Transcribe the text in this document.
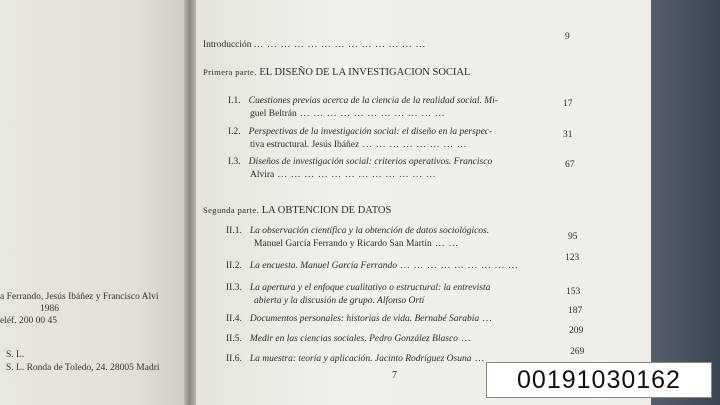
a Ferrando, Jesús Ibáñez y Francisco Alvi
1986
eléf. 200 00 45
S. L.
S. L. Ronda de Toledo, 24. 28005 Madri
Introducción ... ... ... ... ... ... ... ... ... ... ... ... ...
9
Primera parte. EL DISEÑO DE LA INVESTIGACION SOCIAL
I.1. Cuestiones previas acerca de la ciencia de la realidad social. Mi-
guel Beltrán ... ... ... ... ... ... ... ... ... ... ...
17
I.2. Perspectivas de la investigación social: el diseño en la perspec-
tiva estructural. Jesús Ibáñez ... ... ... ... ... ... ... ...
31
I.3. Diseños de investigación social: criterios operativos. Francisco
Alvira ... ... ... ... ... ... ... ... ... ... ... ...
67
Segunda parte. LA OBTENCION DE DATOS
II.1. La observación científica y la obtención de datos sociológicos.
Manuel García Ferrando y Ricardo San Martín ... ...
95
II.2. La encuesta. Manuel García Ferrando ... ... ... ... ... ... ... ... ...
123
II.3. La apertura y el enfoque cualitativo o estructural: la entrevista
abierta y la discusión de grupo. Alfonso Ortí
153
II.4. Documentos personales: historias de vida. Bernabé Sarabia ...
187
II.5. Medir en las ciencias sociales. Pedro González Blasco ...
209
II.6. La muestra: teoría y aplicación. Jacinto Rodríguez Osuna ...
269
7	00191030162
